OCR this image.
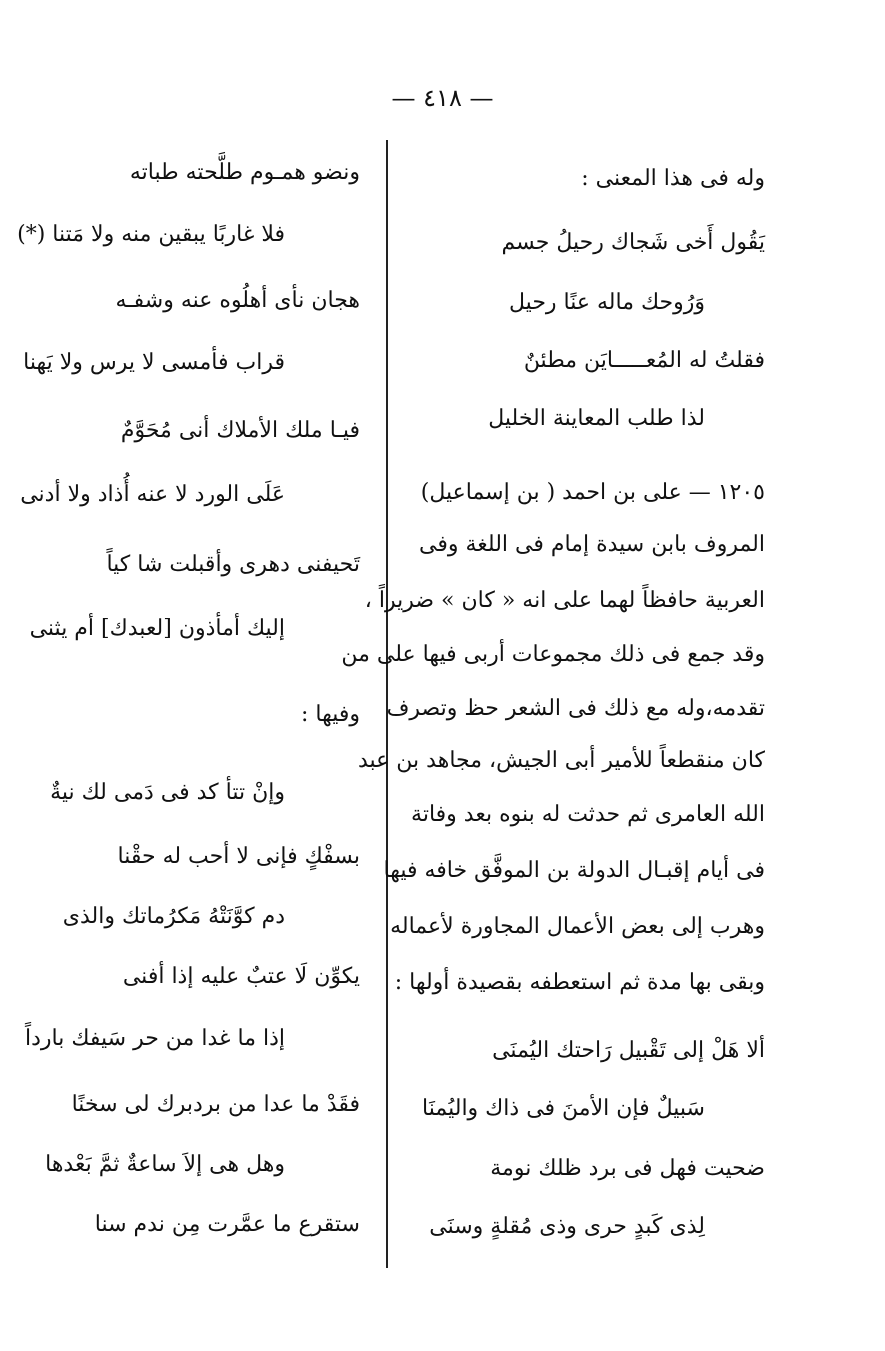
— ٤١٨ —
وله فى هذا المعنى :
يَقُول أَخى شَجاك رحيلُ جسم
وَرُوحك ماله عنًا رحيل
فقلتُ له المُعـــــايَن مطئنٌ
لذا طلب المعاينة الخليل
١٢٠٥ — على بن احمد ( بن إسماعيل)
المروف بابن سيدة إمام فى اللغة وفى
العربية حافظاً لهما على انه « كان » ضريراً ،
وقد جمع فى ذلك مجموعات أربى فيها على من
تقدمه،وله مع ذلك فى الشعر حظ وتصرف
كان منقطعاً للأمير أبى الجيش، مجاهد بن عبد
الله العامرى ثم حدثت له بنوه بعد وفاتة
فى أيام إقبـال الدولة بن الموفَّق خافه فيها
وهرب إلى بعض الأعمال المجاورة لأعماله
وبقى بها مدة ثم استعطفه بقصيدة أولها :
ألا هَلْ إلى تَقْبيل رَاحتك اليُمنَى
سَبيلٌ فإن الأمنَ فى ذاك واليُمنَا
ضحيت فهل فى برد ظلك نومة
لِذى كَبدٍ حرى وذى مُقلةٍ وسنَى
ونضو همـوم طلَّحته طباته
فلا غاربًا يبقين منه ولا مَتنا (*)
هجان نأى أهلُوه عنه وشفـه
قراب فأمسى لا يرس ولا يَهنا
فيـا ملك الأملاك أنى مُحَوَّمٌ
عَلَى الورد لا عنه أُذاد ولا أدنى
تَحيفنى دهرى وأقبلت شا كياً
إليك أمأذون [لعبدك] أم يثنى
وفيها :
وإنْ تتأ كد فى دَمى لك نيةٌ
بسفْكٍ فإنى لا أحب له حقْنا
دم كوَّنَتْهُ مَكرُماتك والذى
يكوِّن لَا عتبٌ عليه إذا أفنى
إذا ما غدا من حر سَيفك بارداً
فقَدْ ما عدا من بردبرك لى سخنًا
وهل هى إلاَ ساعةٌ ثمَّ بَعْدها
ستقرع ما عمَّرت مِن ندم سنا
